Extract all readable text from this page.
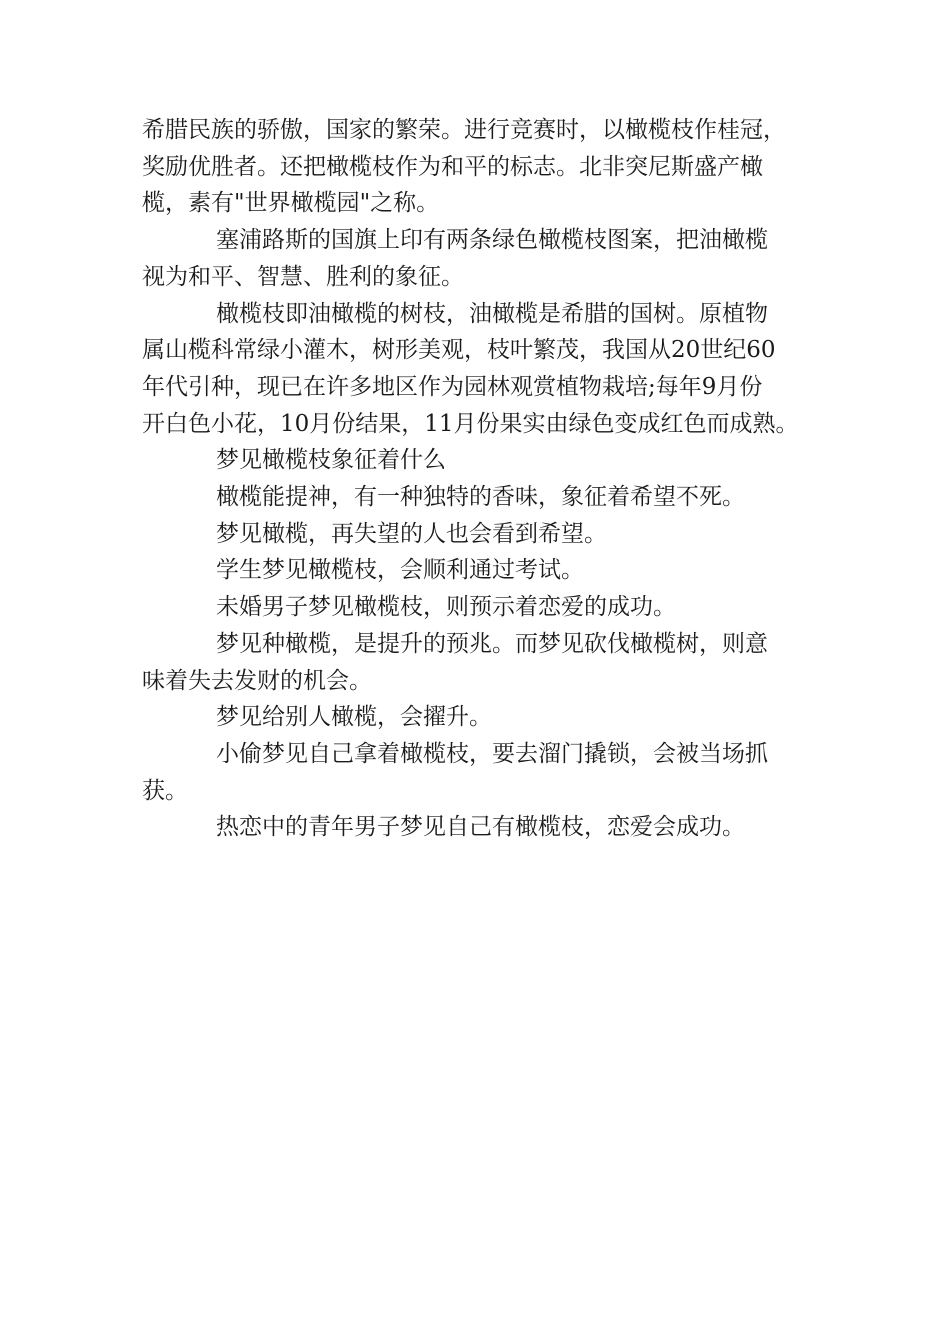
希腊民族的骄傲，国家的繁荣。进行竞赛时，以橄榄枝作桂冠，
奖励优胜者。还把橄榄枝作为和平的标志。北非突尼斯盛产橄
榄，素有"世界橄榄园"之称。

塞浦路斯的国旗上印有两条绿色橄榄枝图案，把油橄榄
视为和平、智慧、胜利的象征。

橄榄枝即油橄榄的树枝，油橄榄是希腊的国树。原植物
属山榄科常绿小灌木，树形美观，枝叶繁茂，我国从20世纪60
年代引种，现已在许多地区作为园林观赏植物栽培;每年9月份
开白色小花，10月份结果，11月份果实由绿色变成红色而成熟。

梦见橄榄枝象征着什么

橄榄能提神，有一种独特的香味，象征着希望不死。

梦见橄榄，再失望的人也会看到希望。

学生梦见橄榄枝，会顺利通过考试。

未婚男子梦见橄榄枝，则预示着恋爱的成功。

梦见种橄榄，是提升的预兆。而梦见砍伐橄榄树，则意
味着失去发财的机会。

梦见给别人橄榄，会擢升。

小偷梦见自己拿着橄榄枝，要去溜门撬锁，会被当场抓
获。

热恋中的青年男子梦见自己有橄榄枝，恋爱会成功。
